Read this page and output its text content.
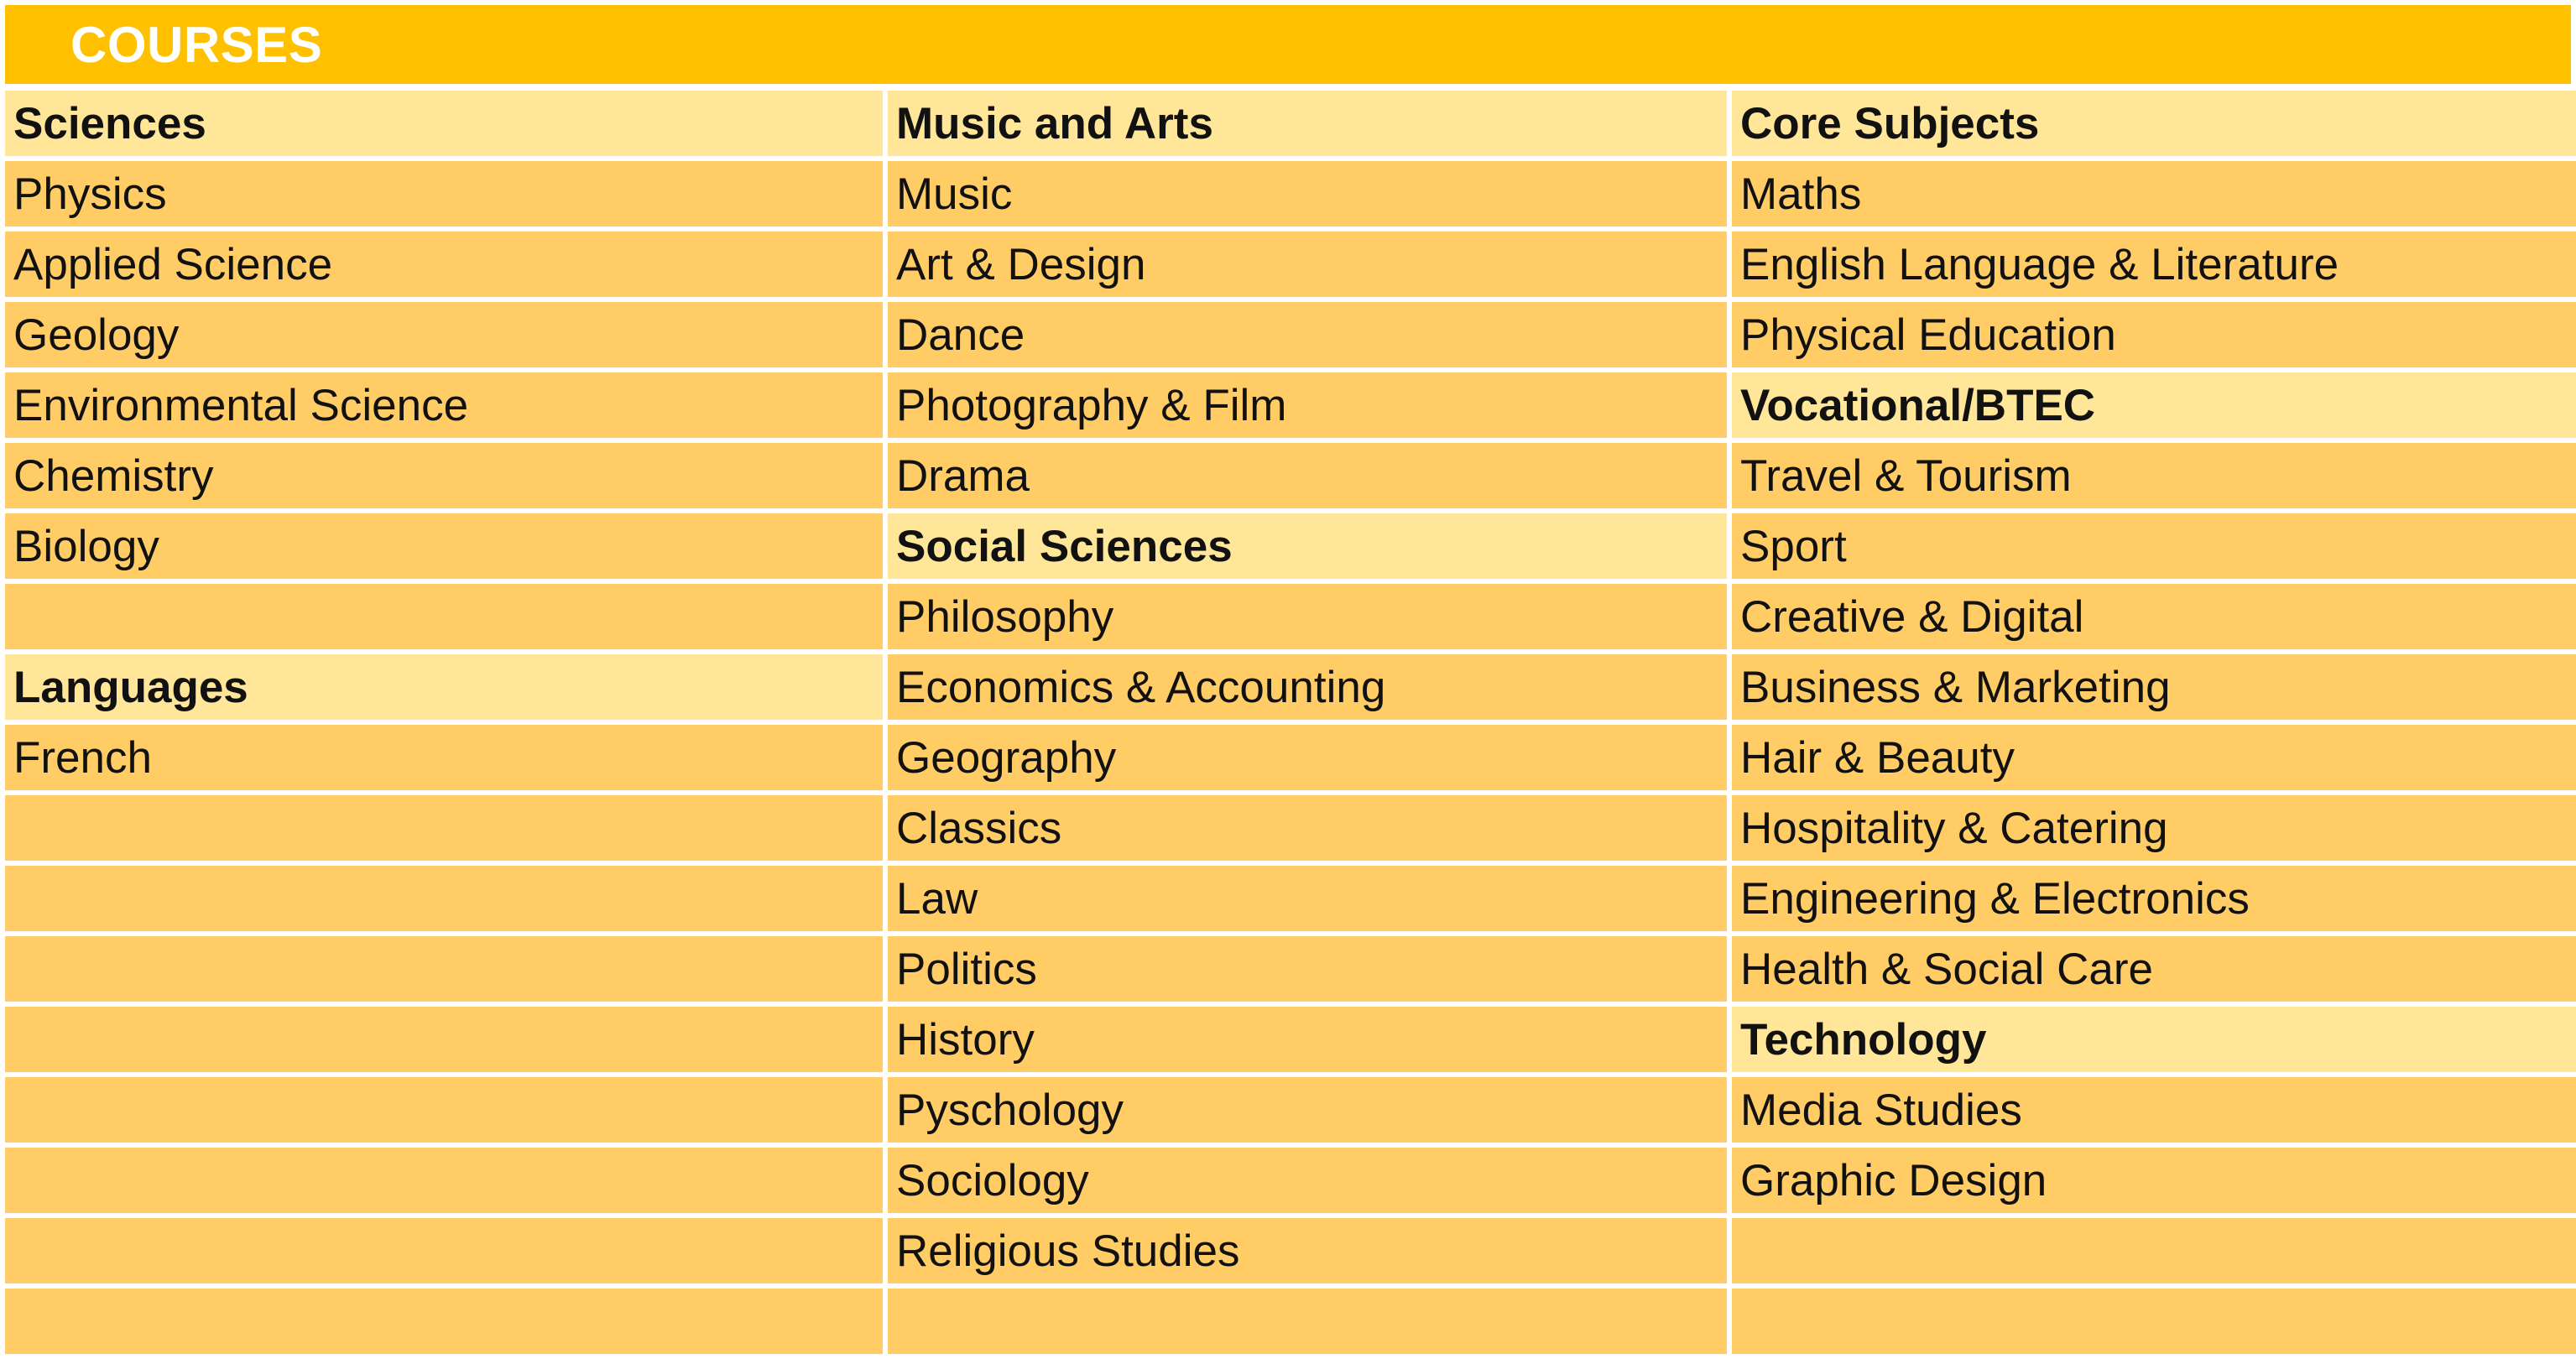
COURSES
Sciences	Music and Arts	Core Subjects
Physics	Music	Maths
Applied Science	Art & Design	English Language & Literature
Geology	Dance	Physical Education
Environmental Science	Photography & Film	Vocational/BTEC
Chemistry	Drama	Travel & Tourism
Biology	Social Sciences	Sport
	Philosophy	Creative & Digital
Languages	Economics & Accounting	Business & Marketing
French	Geography	Hair & Beauty
	Classics	Hospitality & Catering
	Law	Engineering & Electronics
	Politics	Health & Social Care
	History	Technology
	Pyschology	Media Studies
	Sociology	Graphic Design
	Religious Studies	
